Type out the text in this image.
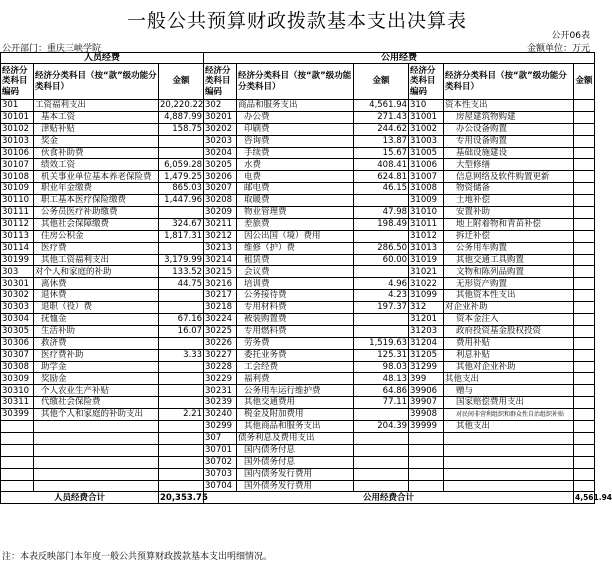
一般公共预算财政拨款基本支出决算表
公开06表
公开部门：重庆三峡学院	金额单位：万元
人员经费			公用经费					
经济分类科目编码	经济分类科目（按“款”级功能分类科目）	金额	经济分类科目编码	经济分类科目（按“款”级功能分类科目）	金额	经济分类科目编码	经济分类科目（按“款”级功能分类科目）	金额
301	工资福利支出	20,220.22	302	商品和服务支出	4,561.94	310	资本性支出	
30101	基本工资	4,887.99	30201	办公费	271.43	31001	房屋建筑物购建	
30102	津贴补贴	158.75	30202	印刷费	244.62	31002	办公设备购置	
30103	奖金		30203	咨询费	13.87	31003	专用设备购置	
30106	伙食补助费		30204	手续费	15.67	31005	基础设施建设	
30107	绩效工资	6,059.28	30205	水费	408.41	31006	大型修缮	
30108	机关事业单位基本养老保险费	1,479.25	30206	电费	624.81	31007	信息网络及软件购置更新	
30109	职业年金缴费	865.03	30207	邮电费	46.15	31008	物资储备	
30110	职工基本医疗保险缴费	1,447.96	30208	取暖费		31009	土地补偿	
30111	公务员医疗补助缴费		30209	物业管理费	47.98	31010	安置补助	
30112	其他社会保障缴费	324.67	30211	差旅费	198.49	31011	地上附着物和青苗补偿	
30113	住房公积金	1,817.31	30212	因公出国（境）费用		31012	拆迁补偿	
30114	医疗费		30213	维修（护）费	286.50	31013	公务用车购置	
30199	其他工资福利支出	3,179.99	30214	租赁费	60.00	31019	其他交通工具购置	
303	对个人和家庭的补助	133.52	30215	会议费		31021	文物和陈列品购置	
30301	离休费	44.75	30216	培训费	4.96	31022	无形资产购置	
30302	退休费		30217	公务接待费	4.23	31099	其他资本性支出	
30303	退职（役）费		30218	专用材料费	197.37	312	对企业补助	
30304	抚恤金	67.16	30224	被装购置费		31201	资本金注入	
30305	生活补助	16.07	30225	专用燃料费		31203	政府投资基金股权投资	
30306	救济费		30226	劳务费	1,519.63	31204	费用补贴	
30307	医疗费补助	3.33	30227	委托业务费	125.31	31205	利息补贴	
30308	助学金		30228	工会经费	98.03	31299	其他对企业补助	
30309	奖励金		30229	福利费	48.13	399	其他支出	
30310	个人农业生产补贴		30231	公务用车运行维护费	64.86	39906	赠与	
30311	代缴社会保险费		30239	其他交通费用	77.11	39907	国家赔偿费用支出	
30399	其他个人和家庭的补助支出	2.21	30240	税金及附加费用		39908	对民间非营利组织和群众性自治组织补贴	
			30299	其他商品和服务支出	204.39	39999	其他支出	
			307	债务利息及费用支出				
			30701	国内债务付息				
			30702	国外债务付息				
			30703	国内债务发行费用				
			30704	国外债务发行费用				
人员经费合计		20,353.75	公用经费合计					4,561.94
注：本表反映部门本年度一般公共预算财政拨款基本支出明细情况。
